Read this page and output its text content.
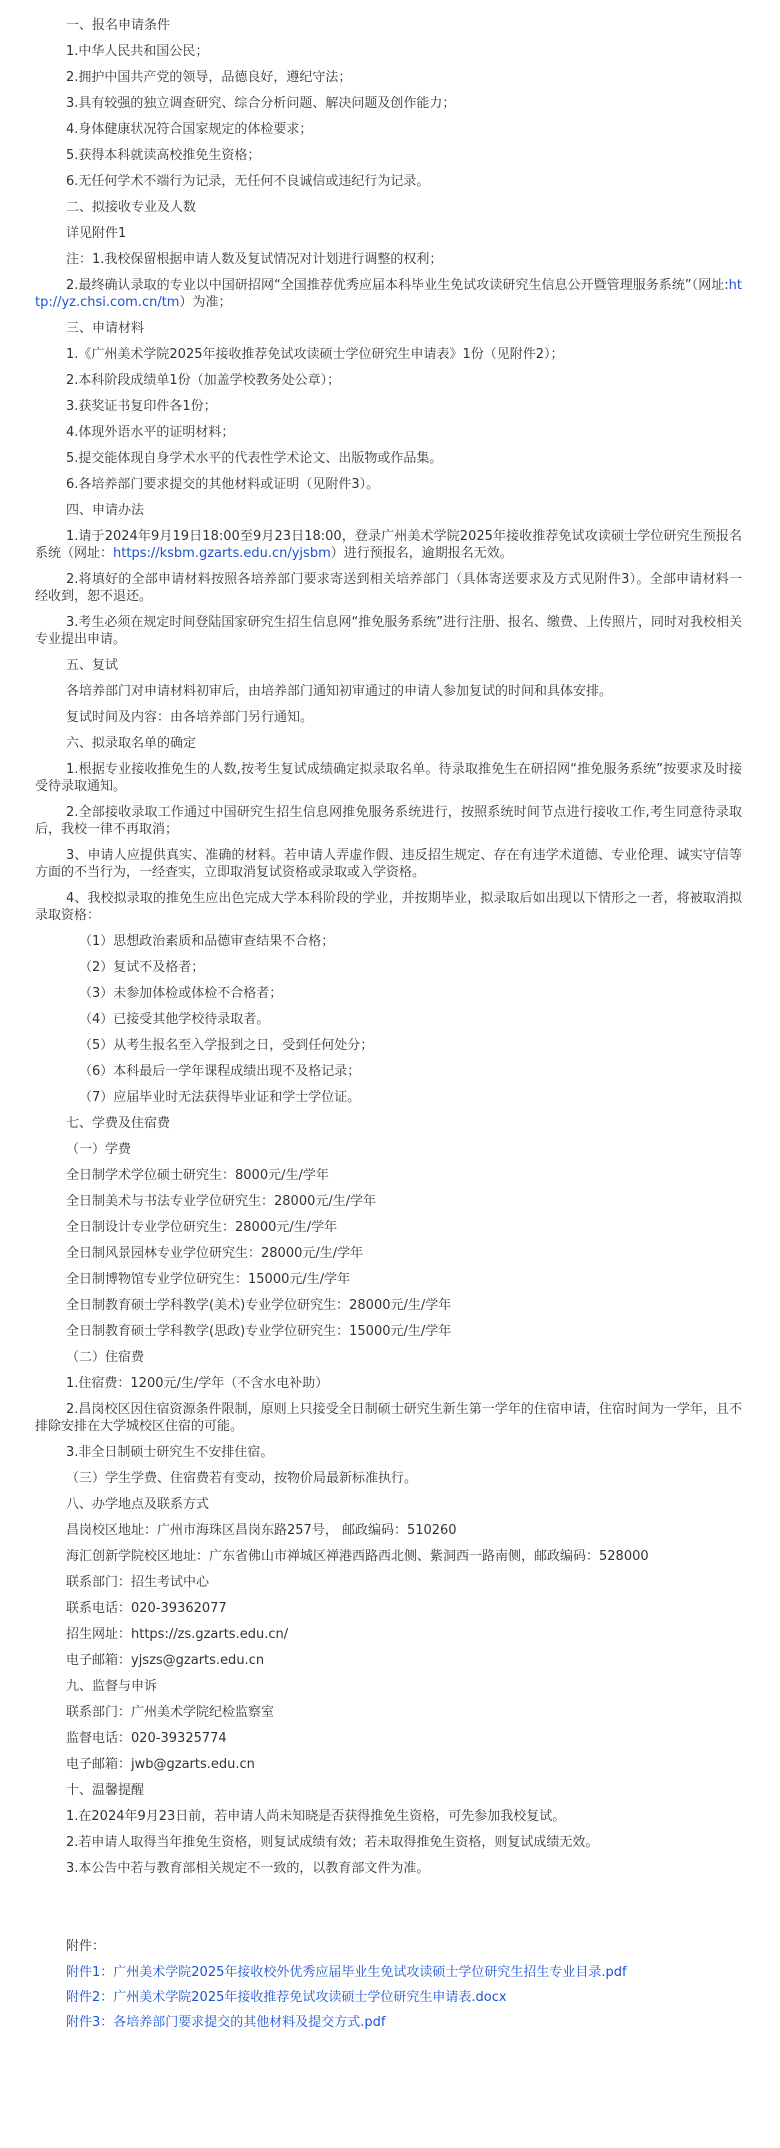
一、报名申请条件
1.中华人民共和国公民；
2.拥护中国共产党的领导，品德良好，遵纪守法；
3.具有较强的独立调查研究、综合分析问题、解决问题及创作能力；
4.身体健康状况符合国家规定的体检要求；
5.获得本科就读高校推免生资格；
6.无任何学术不端行为记录，无任何不良诚信或违纪行为记录。
二、拟接收专业及人数
详见附件1
注：1.我校保留根据申请人数及复试情况对计划进行调整的权利；
2.最终确认录取的专业以中国研招网“全国推荐优秀应届本科毕业生免试攻读研究生信息公开暨管理服务系统”（网址:http://yz.chsi.com.cn/tm）为准；
三、申请材料
1.《广州美术学院2025年接收推荐免试攻读硕士学位研究生申请表》1份（见附件2）；
2.本科阶段成绩单1份（加盖学校教务处公章）；
3.获奖证书复印件各1份；
4.体现外语水平的证明材料；
5.提交能体现自身学术水平的代表性学术论文、出版物或作品集。
6.各培养部门要求提交的其他材料或证明（见附件3）。
四、申请办法
1.请于2024年9月19日18:00至9月23日18:00，登录广州美术学院2025年接收推荐免试攻读硕士学位研究生预报名系统（网址：https://ksbm.gzarts.edu.cn/yjsbm）进行预报名，逾期报名无效。
2.将填好的全部申请材料按照各培养部门要求寄送到相关培养部门（具体寄送要求及方式见附件3）。全部申请材料一经收到，恕不退还。
3.考生必须在规定时间登陆国家研究生招生信息网“推免服务系统”进行注册、报名、缴费、上传照片，同时对我校相关专业提出申请。
五、复试
各培养部门对申请材料初审后，由培养部门通知初审通过的申请人参加复试的时间和具体安排。
复试时间及内容：由各培养部门另行通知。
六、拟录取名单的确定
1.根据专业接收推免生的人数,按考生复试成绩确定拟录取名单。待录取推免生在研招网“推免服务系统”按要求及时接受待录取通知。
2.全部接收录取工作通过中国研究生招生信息网推免服务系统进行，按照系统时间节点进行接收工作,考生同意待录取后，我校一律不再取消；
3、申请人应提供真实、准确的材料。若申请人弄虚作假、违反招生规定、存在有违学术道德、专业伦理、诚实守信等方面的不当行为，一经查实，立即取消复试资格或录取或入学资格。
4、我校拟录取的推免生应出色完成大学本科阶段的学业，并按期毕业，拟录取后如出现以下情形之一者，将被取消拟录取资格：
（1）思想政治素质和品德审查结果不合格；
（2）复试不及格者；
（3）未参加体检或体检不合格者；
（4）已接受其他学校待录取者。
（5）从考生报名至入学报到之日，受到任何处分；
（6）本科最后一学年课程成绩出现不及格记录；
（7）应届毕业时无法获得毕业证和学士学位证。
七、学费及住宿费
（一）学费
全日制学术学位硕士研究生：8000元/生/学年
全日制美术与书法专业学位研究生：28000元/生/学年
全日制设计专业学位研究生：28000元/生/学年
全日制风景园林专业学位研究生：28000元/生/学年
全日制博物馆专业学位研究生：15000元/生/学年
全日制教育硕士学科教学(美术)专业学位研究生：28000元/生/学年
全日制教育硕士学科教学(思政)专业学位研究生：15000元/生/学年
（二）住宿费
1.住宿费：1200元/生/学年（不含水电补助）
2.昌岗校区因住宿资源条件限制，原则上只接受全日制硕士研究生新生第一学年的住宿申请，住宿时间为一学年，且不排除安排在大学城校区住宿的可能。
3.非全日制硕士研究生不安排住宿。
（三）学生学费、住宿费若有变动，按物价局最新标准执行。
八、办学地点及联系方式
昌岗校区地址：广州市海珠区昌岗东路257号， 邮政编码：510260
海汇创新学院校区地址：广东省佛山市禅城区禅港西路西北侧、紫洞西一路南侧，邮政编码：528000
联系部门：招生考试中心
联系电话：020-39362077
招生网址：https://zs.gzarts.edu.cn/
电子邮箱：yjszs@gzarts.edu.cn
九、监督与申诉
联系部门：广州美术学院纪检监察室
监督电话：020-39325774
电子邮箱：jwb@gzarts.edu.cn
十、温馨提醒
1.在2024年9月23日前，若申请人尚未知晓是否获得推免生资格，可先参加我校复试。
2.若申请人取得当年推免生资格，则复试成绩有效；若未取得推免生资格，则复试成绩无效。
3.本公告中若与教育部相关规定不一致的，以教育部文件为准。
附件：
附件1：广州美术学院2025年接收校外优秀应届毕业生免试攻读硕士学位研究生招生专业目录.pdf
附件2：广州美术学院2025年接收推荐免试攻读硕士学位研究生申请表.docx
附件3：各培养部门要求提交的其他材料及提交方式.pdf
